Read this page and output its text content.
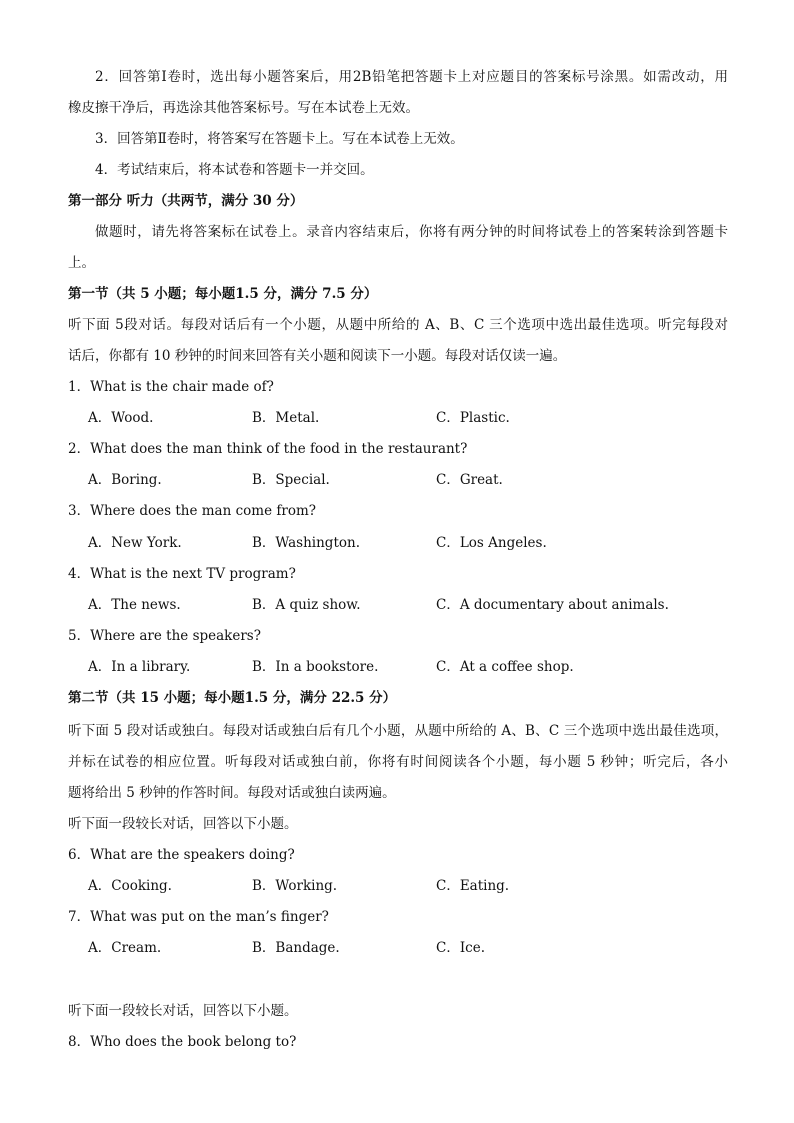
2．回答第Ⅰ卷时，选出每小题答案后，用2B铅笔把答题卡上对应题目的答案标号涂黑。如需改动，用
橡皮擦干净后，再选涂其他答案标号。写在本试卷上无效。
3．回答第Ⅱ卷时，将答案写在答题卡上。写在本试卷上无效。
4．考试结束后，将本试卷和答题卡一并交回。
第一部分 听力（共两节，满分 30 分）
做题时，请先将答案标在试卷上。录音内容结束后，你将有两分钟的时间将试卷上的答案转涂到答题卡
上。
第一节（共 5 小题；每小题1.5 分，满分 7.5 分）
听下面 5段对话。每段对话后有一个小题，从题中所给的 A、B、C 三个选项中选出最佳选项。听完每段对
话后，你都有 10 秒钟的时间来回答有关小题和阅读下一小题。每段对话仅读一遍。
1．What is the chair made of?
A．Wood.	B．Metal.	C．Plastic.
2．What does the man think of the food in the restaurant?
A．Boring.	B．Special.	C．Great.
3．Where does the man come from?
A．New York.	B．Washington.	C．Los Angeles.
4．What is the next TV program?
A．The news.	B．A quiz show.	C．A documentary about animals.
5．Where are the speakers?
A．In a library.	B．In a bookstore.	C．At a coffee shop.
第二节（共 15 小题；每小题1.5 分，满分 22.5 分）
听下面 5 段对话或独白。每段对话或独白后有几个小题，从题中所给的 A、B、C 三个选项中选出最佳选项，
并标在试卷的相应位置。听每段对话或独白前，你将有时间阅读各个小题，每小题 5 秒钟；听完后，各小
题将给出 5 秒钟的作答时间。每段对话或独白读两遍。
听下面一段较长对话，回答以下小题。
6．What are the speakers doing?
A．Cooking.	B．Working.	C．Eating.
7．What was put on the man’s finger?
A．Cream.	B．Bandage.	C．Ice.
听下面一段较长对话，回答以下小题。
8．Who does the book belong to?
